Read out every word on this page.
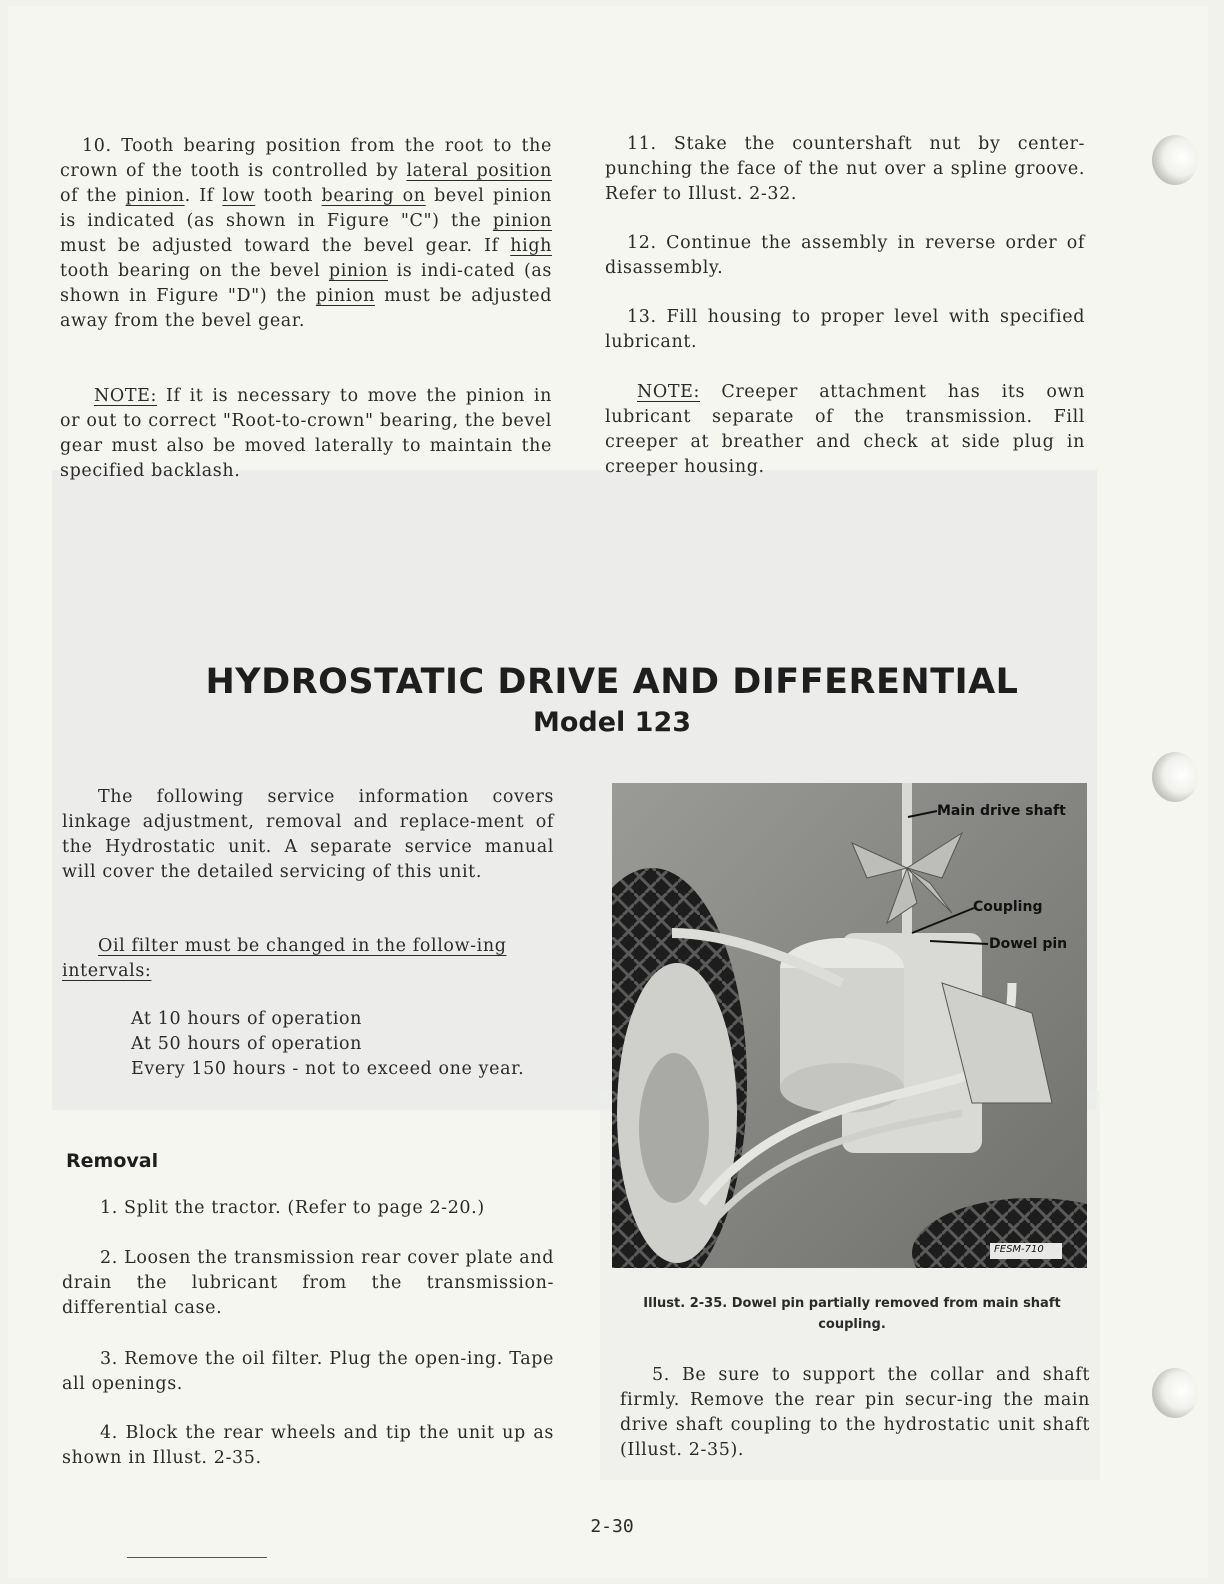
10. Tooth bearing position from the root to the crown of the tooth is controlled by lateral position of the pinion. If low tooth bearing on bevel pinion is indicated (as shown in Figure "C") the pinion must be adjusted toward the bevel gear. If high tooth bearing on the bevel pinion is indi-cated (as shown in Figure "D") the pinion must be adjusted away from the bevel gear.

NOTE: If it is necessary to move the pinion in or out to correct "Root-to-crown" bearing, the bevel gear must also be moved laterally to maintain the specified backlash.

11. Stake the countershaft nut by center-punching the face of the nut over a spline groove. Refer to Illust. 2-32.

12. Continue the assembly in reverse order of disassembly.

13. Fill housing to proper level with specified lubricant.

NOTE: Creeper attachment has its own lubricant separate of the transmission. Fill creeper at breather and check at side plug in creeper housing.

HYDROSTATIC DRIVE AND DIFFERENTIAL
Model 123

The following service information covers linkage adjustment, removal and replace-ment of the Hydrostatic unit. A separate service manual will cover the detailed servicing of this unit.

Oil filter must be changed in the follow-ing intervals:

At 10 hours of operation

At 50 hours of operation

Every 150 hours - not to exceed one year.

Removal

1. Split the tractor. (Refer to page 2-20.)

2. Loosen the transmission rear cover plate and drain the lubricant from the transmission-differential case.

3. Remove the oil filter. Plug the open-ing. Tape all openings.

4. Block the rear wheels and tip the unit up as shown in Illust. 2-35.

Main drive shaft

Coupling

Dowel pin

FESM-710

Illust. 2-35. Dowel pin partially removed from main shaft coupling.

5. Be sure to support the collar and shaft firmly. Remove the rear pin secur-ing the main drive shaft coupling to the hydrostatic unit shaft (Illust. 2-35).

2-30
